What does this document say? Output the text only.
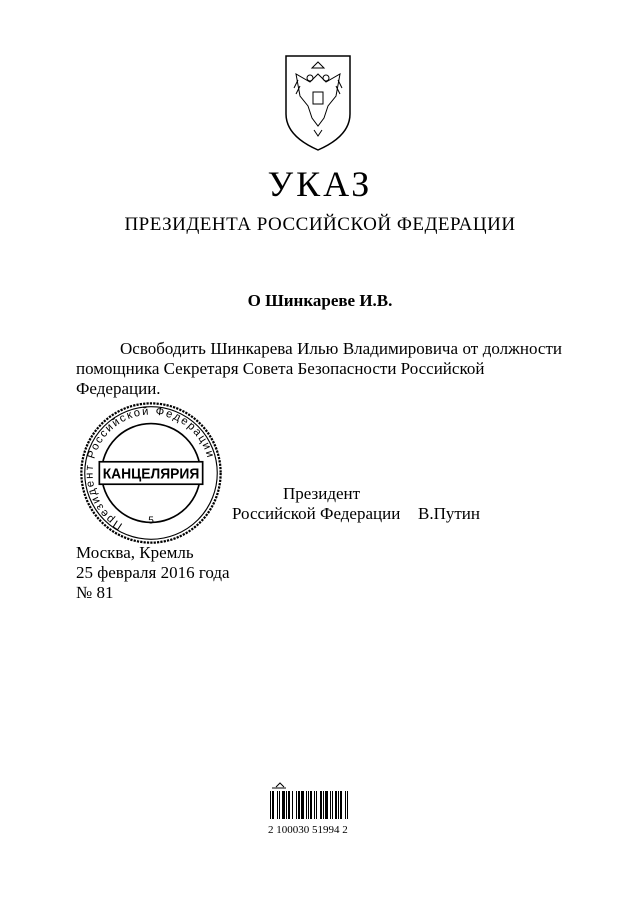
УКАЗ
ПРЕЗИДЕНТА РОССИЙСКОЙ ФЕДЕРАЦИИ
О Шинкареве И.В.
Освободить Шинкарева Илью Владимировича от должности
помощника Секретаря Совета Безопасности Российской Федерации.
Президент
Российской Федерации В.Путин
Президент Российской Федерации
КАНЦЕЛЯРИЯ
5
Москва, Кремль
25 февраля 2016 года
№ 81
2 100030 51994 2
